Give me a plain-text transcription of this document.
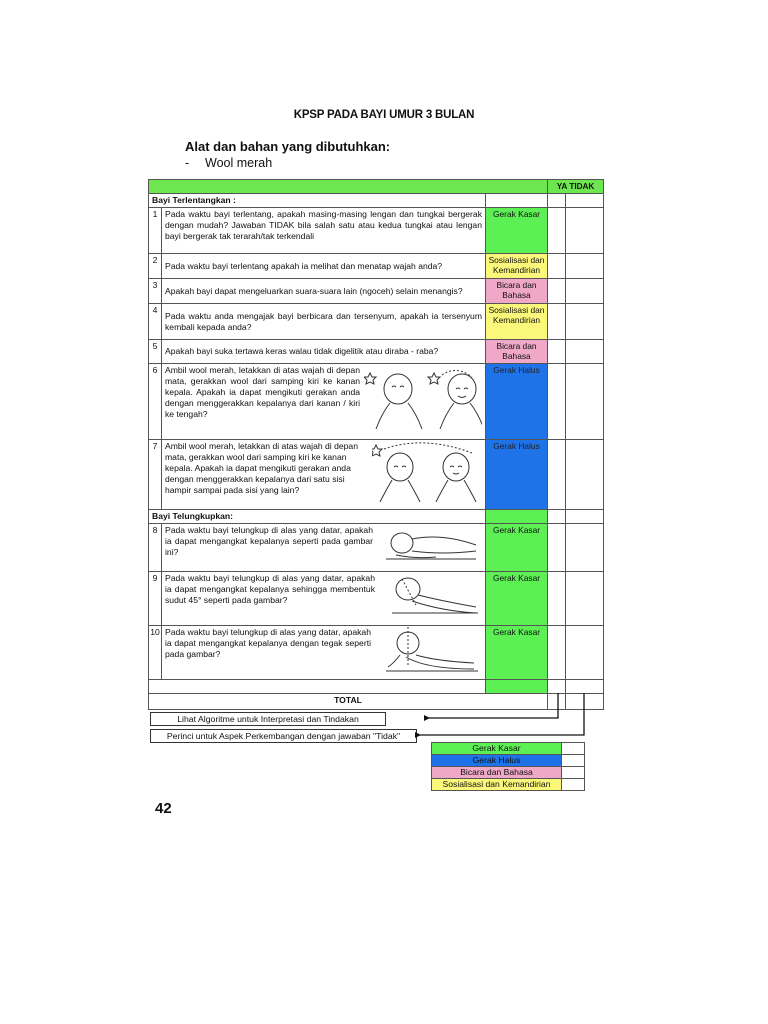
KPSP PADA BAYI UMUR 3 BULAN
Alat dan bahan yang dibutuhkan:
- Wool merah
			YA TIDAK	
Bayi Terlentangkan :				
1	Pada waktu bayi terlentang, apakah masing-masing lengan dan tungkai bergerak dengan mudah? Jawaban TIDAK bila salah satu atau kedua tungkai atau lengan bayi bergerak tak terarah/tak terkendali	Gerak Kasar		
2	Pada waktu bayi terlentang apakah ia melihat dan menatap wajah anda?	Sosialisasi dan Kemandirian		
3	Apakah bayi dapat mengeluarkan suara-suara lain (ngoceh) selain menangis?	Bicara dan Bahasa		
4	Pada waktu anda mengajak bayi berbicara dan tersenyum, apakah ia tersenyum kembali kepada anda?	Sosialisasi dan Kemandirian		
5	Apakah bayi suka tertawa keras walau tidak digelitik atau diraba - raba?	Bicara dan Bahasa		
6	Ambil wool merah, letakkan di atas wajah di depan mata, gerakkan wool dari samping kiri ke kanan kepala. Apakah ia dapat mengikuti gerakan anda dengan menggerakkan kepalanya dari kanan / kiri ke tengah?	Gerak Halus		
7	Ambil wool merah, letakkan di atas wajah di depan mata, gerakkan wool dari samping kiri ke kanan kepala. Apakah ia dapat mengikuti gerakan anda dengan menggerakkan kepalanya dari satu sisi hampir sampai pada sisi yang lain?	Gerak Halus		
Bayi Telungkupkan:				
8	Pada waktu bayi telungkup di alas yang datar, apakah ia dapat mengangkat kepalanya seperti pada gambar ini?	Gerak Kasar		
9	Pada waktu bayi telungkup di alas yang datar, apakah ia dapat mengangkat kepalanya sehingga membentuk sudut 45° seperti pada gambar?	Gerak Kasar		
10	Pada waktu bayi telungkup di alas yang datar, apakah ia dapat mengangkat kepalanya dengan tegak seperti pada gambar?	Gerak Kasar		

TOTAL				
Lihat Algoritme untuk Interpretasi dan Tindakan
Perinci untuk Aspek Perkembangan dengan jawaban "Tidak"
Gerak Kasar	
Gerak Halus	
Bicara dan Bahasa	
Sosialisasi dan Kemandirian	
42
